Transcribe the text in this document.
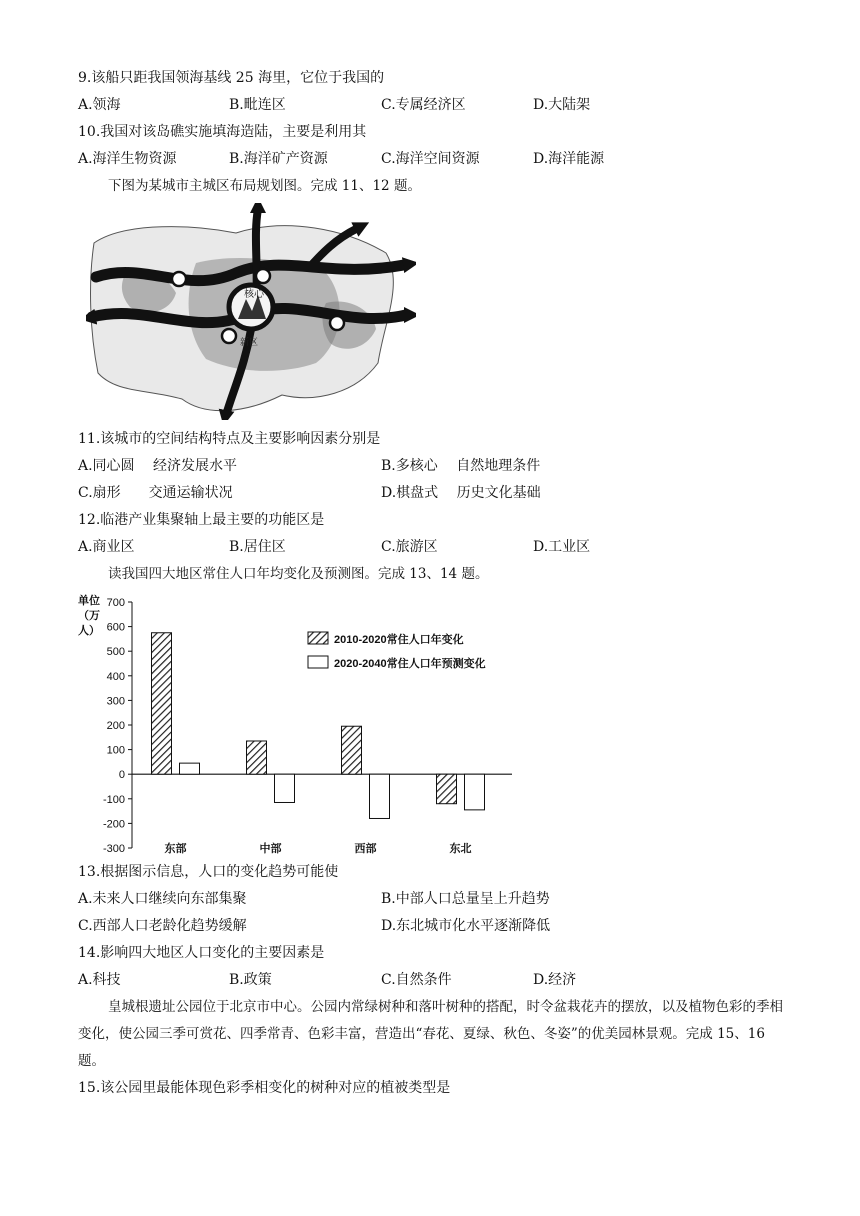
9.该船只距我国领海基线 25 海里，它位于我国的
A.领海	B.毗连区	C.专属经济区	D.大陆架
10.我国对该岛礁实施填海造陆，主要是利用其
A.海洋生物资源	B.海洋矿产资源	C.海洋空间资源	D.海洋能源
下图为某城市主城区布局规划图。完成 11、12 题。
核心
新区
11.该城市的空间结构特点及主要影响因素分别是
A.同心圆　 经济发展水平	B.多核心　 自然地理条件
C.扇形　　交通运输状况	D.棋盘式　 历史文化基础
12.临港产业集聚轴上最主要的功能区是
A.商业区	B.居住区	C.旅游区	D.工业区
读我国四大地区常住人口年均变化及预测图。完成 13、14 题。
单位
（万
人）
700
600
500
400
300
200
100
0
-100
-200
-300	东部	中部	西部	东北
2010-2020常住人口年变化
2020-2040常住人口年预测变化
13.根据图示信息，人口的变化趋势可能使
A.未来人口继续向东部集聚	B.中部人口总量呈上升趋势
C.西部人口老龄化趋势缓解	D.东北城市化水平逐渐降低
14.影响四大地区人口变化的主要因素是
A.科技	B.政策	C.自然条件	D.经济
皇城根遗址公园位于北京市中心。公园内常绿树种和落叶树种的搭配，时令盆栽花卉的摆放，以及植物色彩的季相变化，使公园三季可赏花、四季常青、色彩丰富，营造出“春花、夏绿、秋色、冬姿”的优美园林景观。完成 15、16 题。
15.该公园里最能体现色彩季相变化的树种对应的植被类型是
